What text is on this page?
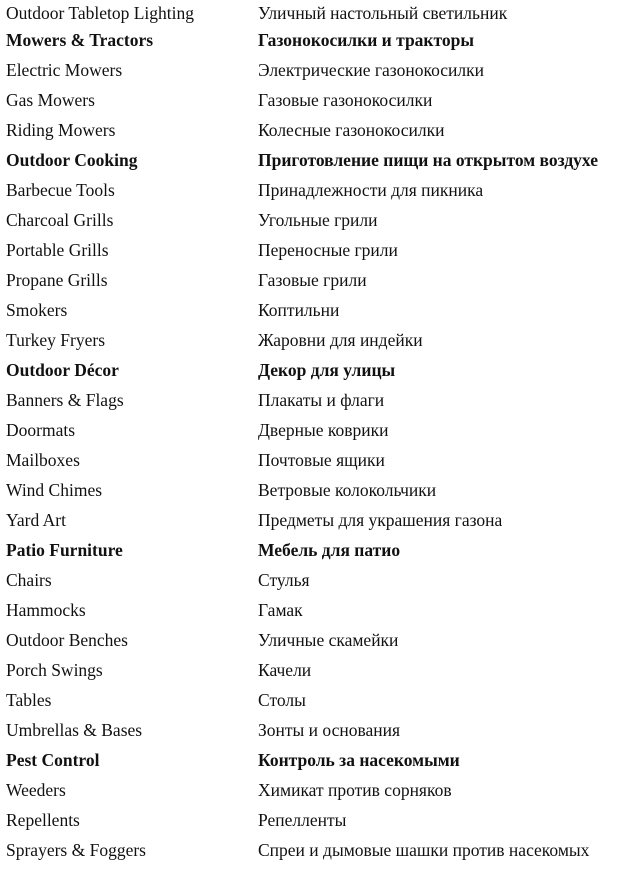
Outdoor Tabletop Lighting	Уличный настольный светильник
Mowers & Tractors	Газонокосилки и тракторы
Electric Mowers	Электрические газонокосилки
Gas Mowers	Газовые газонокосилки
Riding Mowers	Колесные газонокосилки
Outdoor Cooking	Приготовление пищи на открытом воздухе
Barbecue Tools	Принадлежности для пикника
Charcoal Grills	Угольные грили
Portable Grills	Переносные грили
Propane Grills	Газовые грили
Smokers	Коптильни
Turkey Fryers	Жаровни для индейки
Outdoor Décor	Декор для улицы
Banners & Flags	Плакаты и флаги
Doormats	Дверные коврики
Mailboxes	Почтовые ящики
Wind Chimes	Ветровые колокольчики
Yard Art	Предметы для украшения газона
Patio Furniture	Мебель для патио
Chairs	Стулья
Hammocks	Гамак
Outdoor Benches	Уличные скамейки
Porch Swings	Качели
Tables	Столы
Umbrellas & Bases	Зонты и основания
Pest Control	Контроль за насекомыми
Weeders	Химикат против сорняков
Repellents	Репелленты
Sprayers & Foggers	Спреи и дымовые шашки против насекомых
